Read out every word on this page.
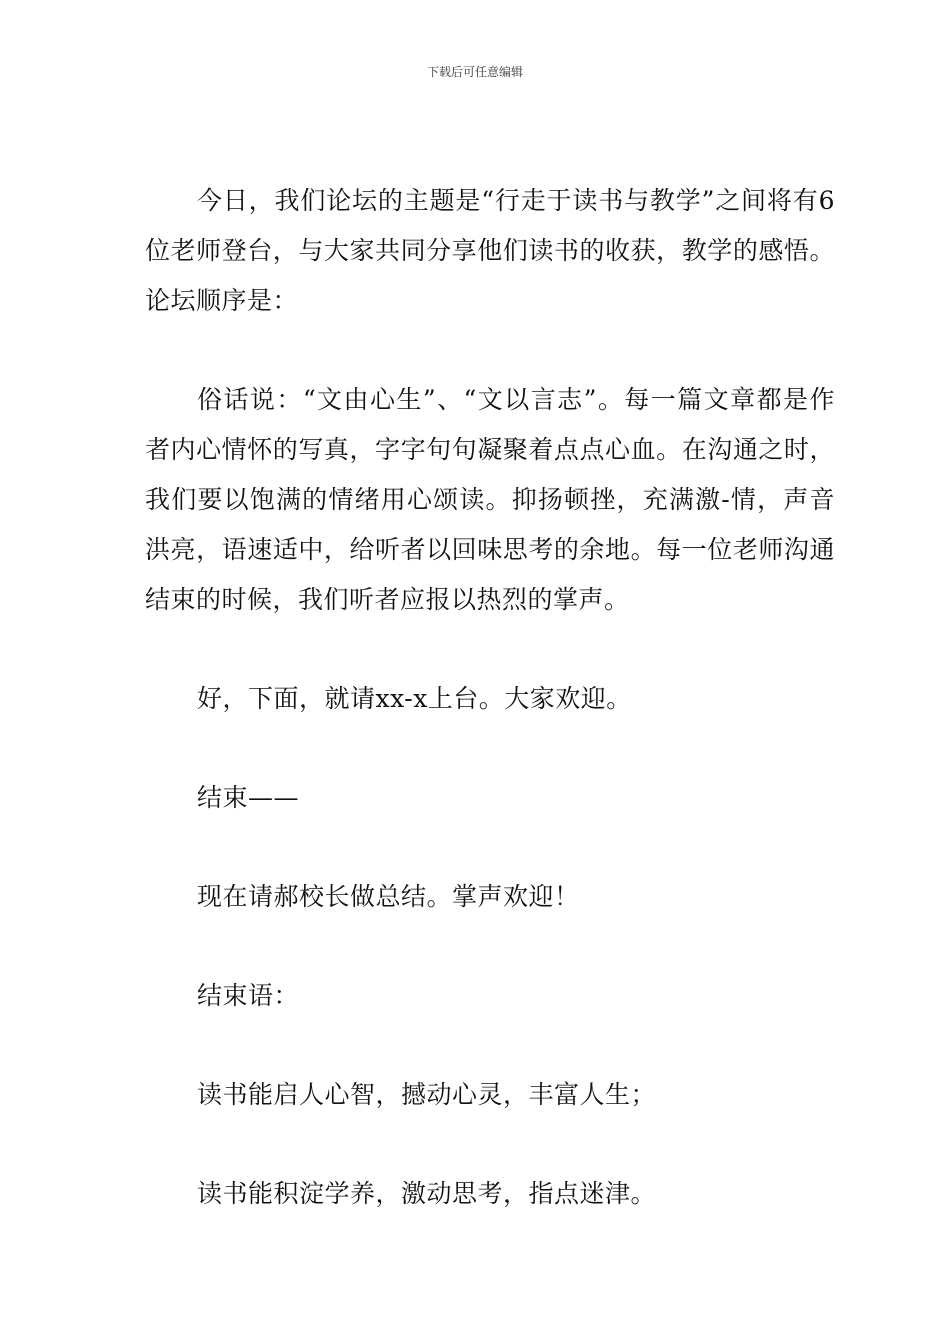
下载后可任意编辑

今日，我们论坛的主题是“行走于读书与教学”之间将有6位老师登台，与大家共同分享他们读书的收获，教学的感悟。论坛顺序是：

俗话说：“文由心生”、“文以言志”。每一篇文章都是作者内心情怀的写真，字字句句凝聚着点点心血。在沟通之时，我们要以饱满的情绪用心颂读。抑扬顿挫，充满激-情，声音洪亮，语速适中，给听者以回味思考的余地。每一位老师沟通结束的时候，我们听者应报以热烈的掌声。

好，下面，就请xx-x上台。大家欢迎。

结束——

现在请郝校长做总结。掌声欢迎！

结束语：

读书能启人心智，撼动心灵，丰富人生；

读书能积淀学养，激动思考，指点迷津。
